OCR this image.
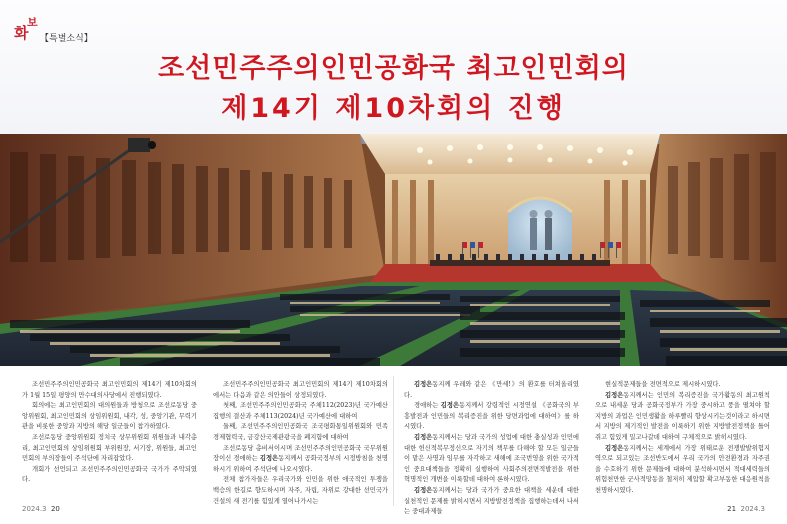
화
보
【특별소식】
조선민주주의인민공화국 최고인민회의
제14기 제10차회의 진행

조선민주주의인민공화국 최고인민회의 제14기 제10차회의가 1월 15일 평양의 만수대의사당에서 진행되였다.

회의에는 최고인민회의 대의원들과 방청으로 조선로동당 중앙위원회, 최고인민회의 상임위원회, 내각, 성, 중앙기관, 무력기관을 비롯한 중앙과 지방의 해당 일군들이 참가하였다.

조선로동당 중앙위원회 정치국 상무위원회 위원들과 내각총리, 최고인민회의 상임위원회 부위원장, 서기장, 위원들, 최고인민회의 부의장들이 주석단에 자리잡았다.

개회가 선언되고 조선민주주의인민공화국 국가가 주악되였다.

조선민주주의인민공화국 최고인민회의 제14기 제10차회의에서는 다음과 같은 의안들이 상정되였다.

첫째, 조선민주주의인민공화국 주체112(2023)년 국가예산집행의 결산과 주체113(2024)년 국가예산에 대하여

둘째, 조선민주주의인민공화국 조국평화통일위원회와 민족경제협력국, 금강산국제관광국을 폐지함에 대하여

조선로동당 총비서이시며 조선민주주의인민공화국 국무위원장이신 경애하는 김정은동지께서 공화국정부의 시정방침을 천명하시기 위하여 주석단에 나오시였다.

전체 참가자들은 우리국가와 인민을 위한 애국적인 투쟁을 백승의 한길로 향도하시며 자주, 자립, 자위로 강대한 선민국가건설의 새 전기를 힘있게 열어나가시는

김정은동지께 우레와 같은 《만세!》의 환호를 터쳐올리였다.

경애하는 김정은동지께서 강령적인 시정연설 《공화국의 부흥발전과 인민들의 복리증진을 위한 당면과업에 대하여》를 하시였다.

김정은동지께서는 당과 국가의 성업에 대한 충실성과 인민에 대한 헌신적복무정신으로 자기의 책무를 다해야 할 모든 일군들이 맡은 사명과 임무를 자각하고 새해에 조국번영을 위한 국가적인 중요대책들을 정확히 실행하여 사회주의전면적발전을 위한 혁명적인 개변을 이룩할데 대하여 론하시였다.

김정은동지께서는 당과 국가가 중요한 대책을 세운데 대한 실천적인 문제를 밝히시면서 지방발전정책을 집행하는데서 나서는 중대과제들

현실적문제들을 전면적으로 제시하시였다.

김정은동지께서는 인민의 복리증진을 국가활동의 최고원칙으로 내세운 당과 공화국정부가 가장 중시하고 풍을 떨쳐야 할 지방의 과업은 인민생활을 하루빨리 향상시키는것이라고 하시면서 지방의 제기적인 발전을 이룩하기 위한 지방발전정책을 틀어쥐고 힘있게 밀고나갈데 대하여 구체적으로 밝히시였다.

김정은동지께서는 세계에서 가장 위태로운 전쟁발발위험지역으로 되고있는 조선반도에서 우리 국가의 안전환경과 자주권을 수호하기 위한 문제들에 대하여 분석하시면서 적대세력들의 위험천만한 군사적망동을 철저히 제압할 확고부동한 대응원칙을 천명하시였다.

2024.3 20	21 2024.3
